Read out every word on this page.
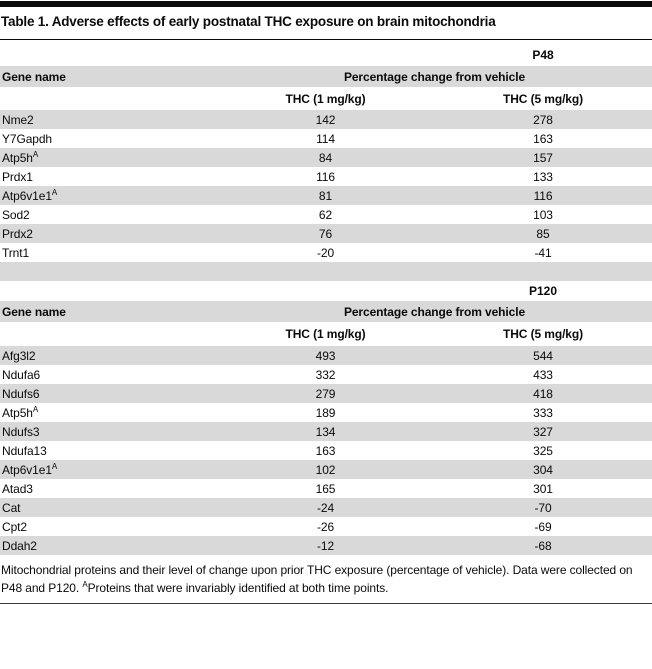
Table 1. Adverse effects of early postnatal THC exposure on brain mitochondria
P48
Gene name	Percentage change from vehicle
THC (1 mg/kg)	THC (5 mg/kg)
Nme2	142	278
Y7Gapdh	114	163
$Atp5h^A$	84	157
Prdx1	116	133
$Atp6v1e1^A$	81	116
Sod2	62	103
Prdx2	76	85
Trnt1	-20	-41
P120
Gene name	Percentage change from vehicle
THC (1 mg/kg)	THC (5 mg/kg)
Afg3l2	493	544
Ndufa6	332	433
Ndufs6	279	418
$Atp5h^A$	189	333
Ndufs3	134	327
Ndufa13	163	325
$Atp6v1e1^A$	102	304
Atad3	165	301
Cat	-24	-70
Cpt2	-26	-69
Ddah2	-12	-68

Mitochondrial proteins and their level of change upon prior THC exposure (percentage of vehicle). Data were collected on P48 and P120. $^A$Proteins that were invariably identified at both time points.
